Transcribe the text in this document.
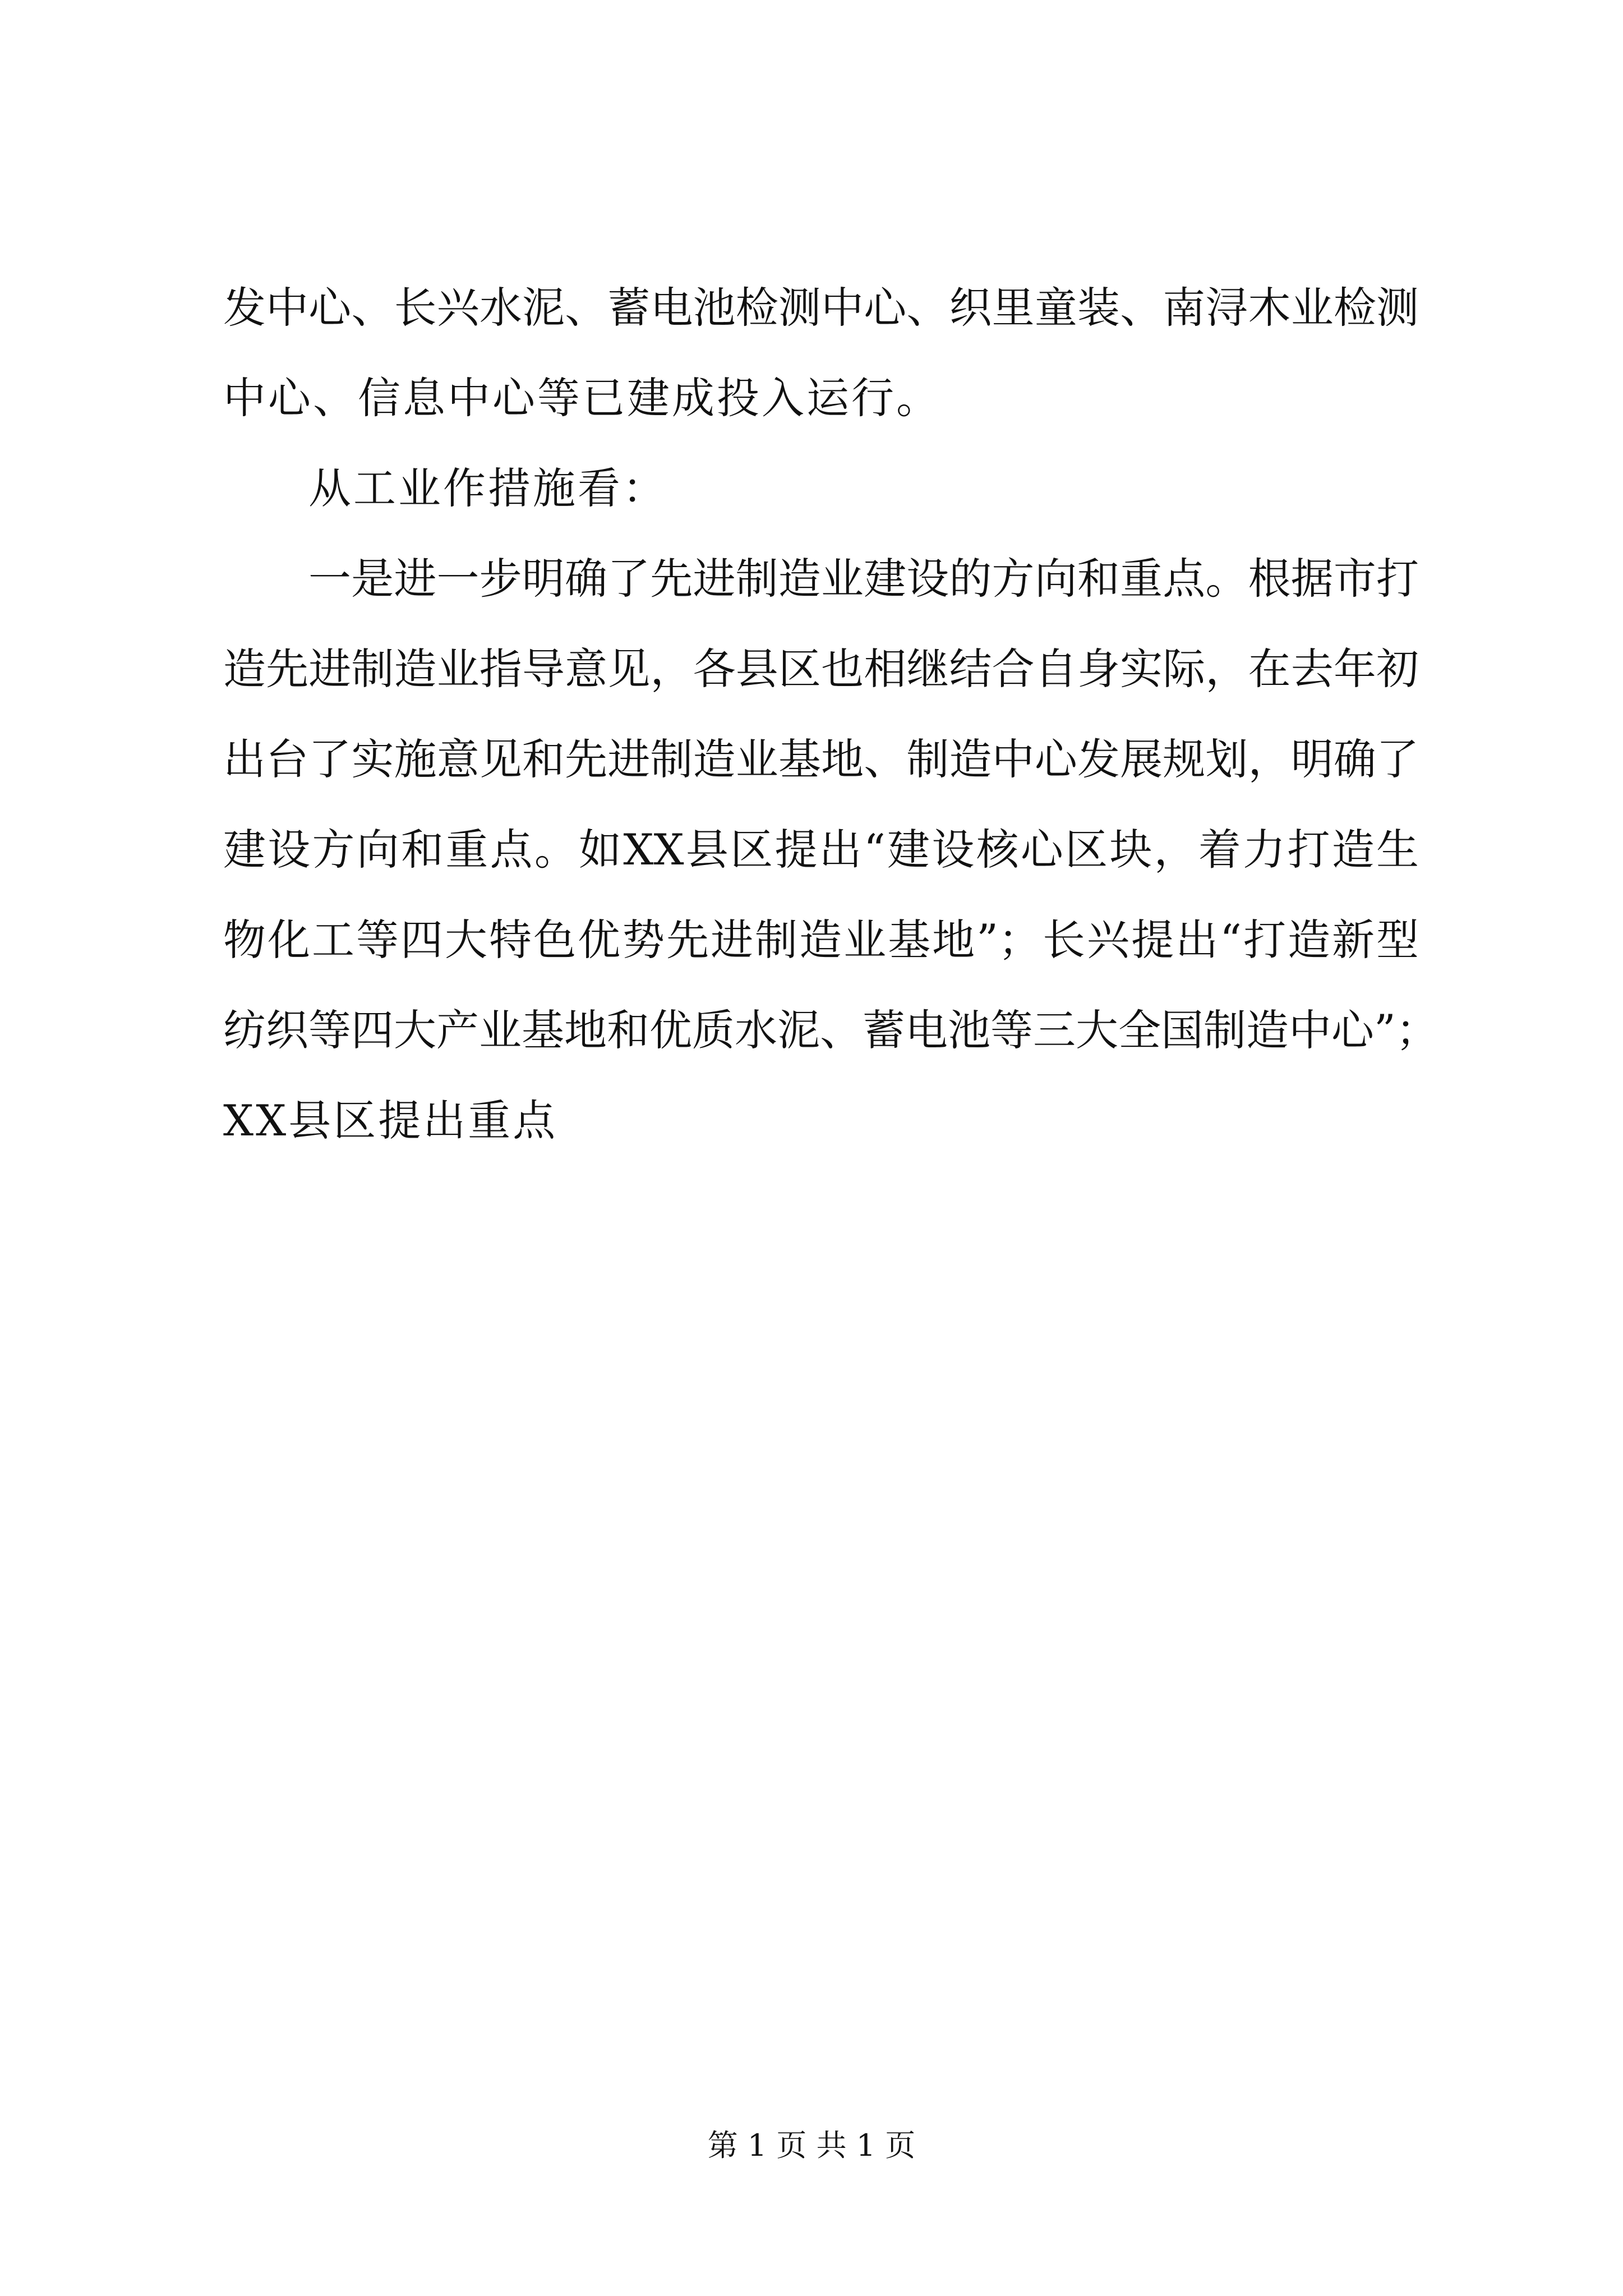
发中心、长兴水泥、蓄电池检测中心、织里童装、南浔木业检测
中心、信息中心等已建成投入运行。
从工业作措施看：
一是进一步明确了先进制造业建设的方向和重点。根据市打
造先进制造业指导意见，各县区也相继结合自身实际，在去年初
出台了实施意见和先进制造业基地、制造中心发展规划，明确了
建设方向和重点。如XX县区提出“建设核心区块，着力打造生
物化工等四大特色优势先进制造业基地”；长兴提出“打造新型
纺织等四大产业基地和优质水泥、蓄电池等三大全国制造中心”；
XX县区提出重点
第 1 页 共 1 页
